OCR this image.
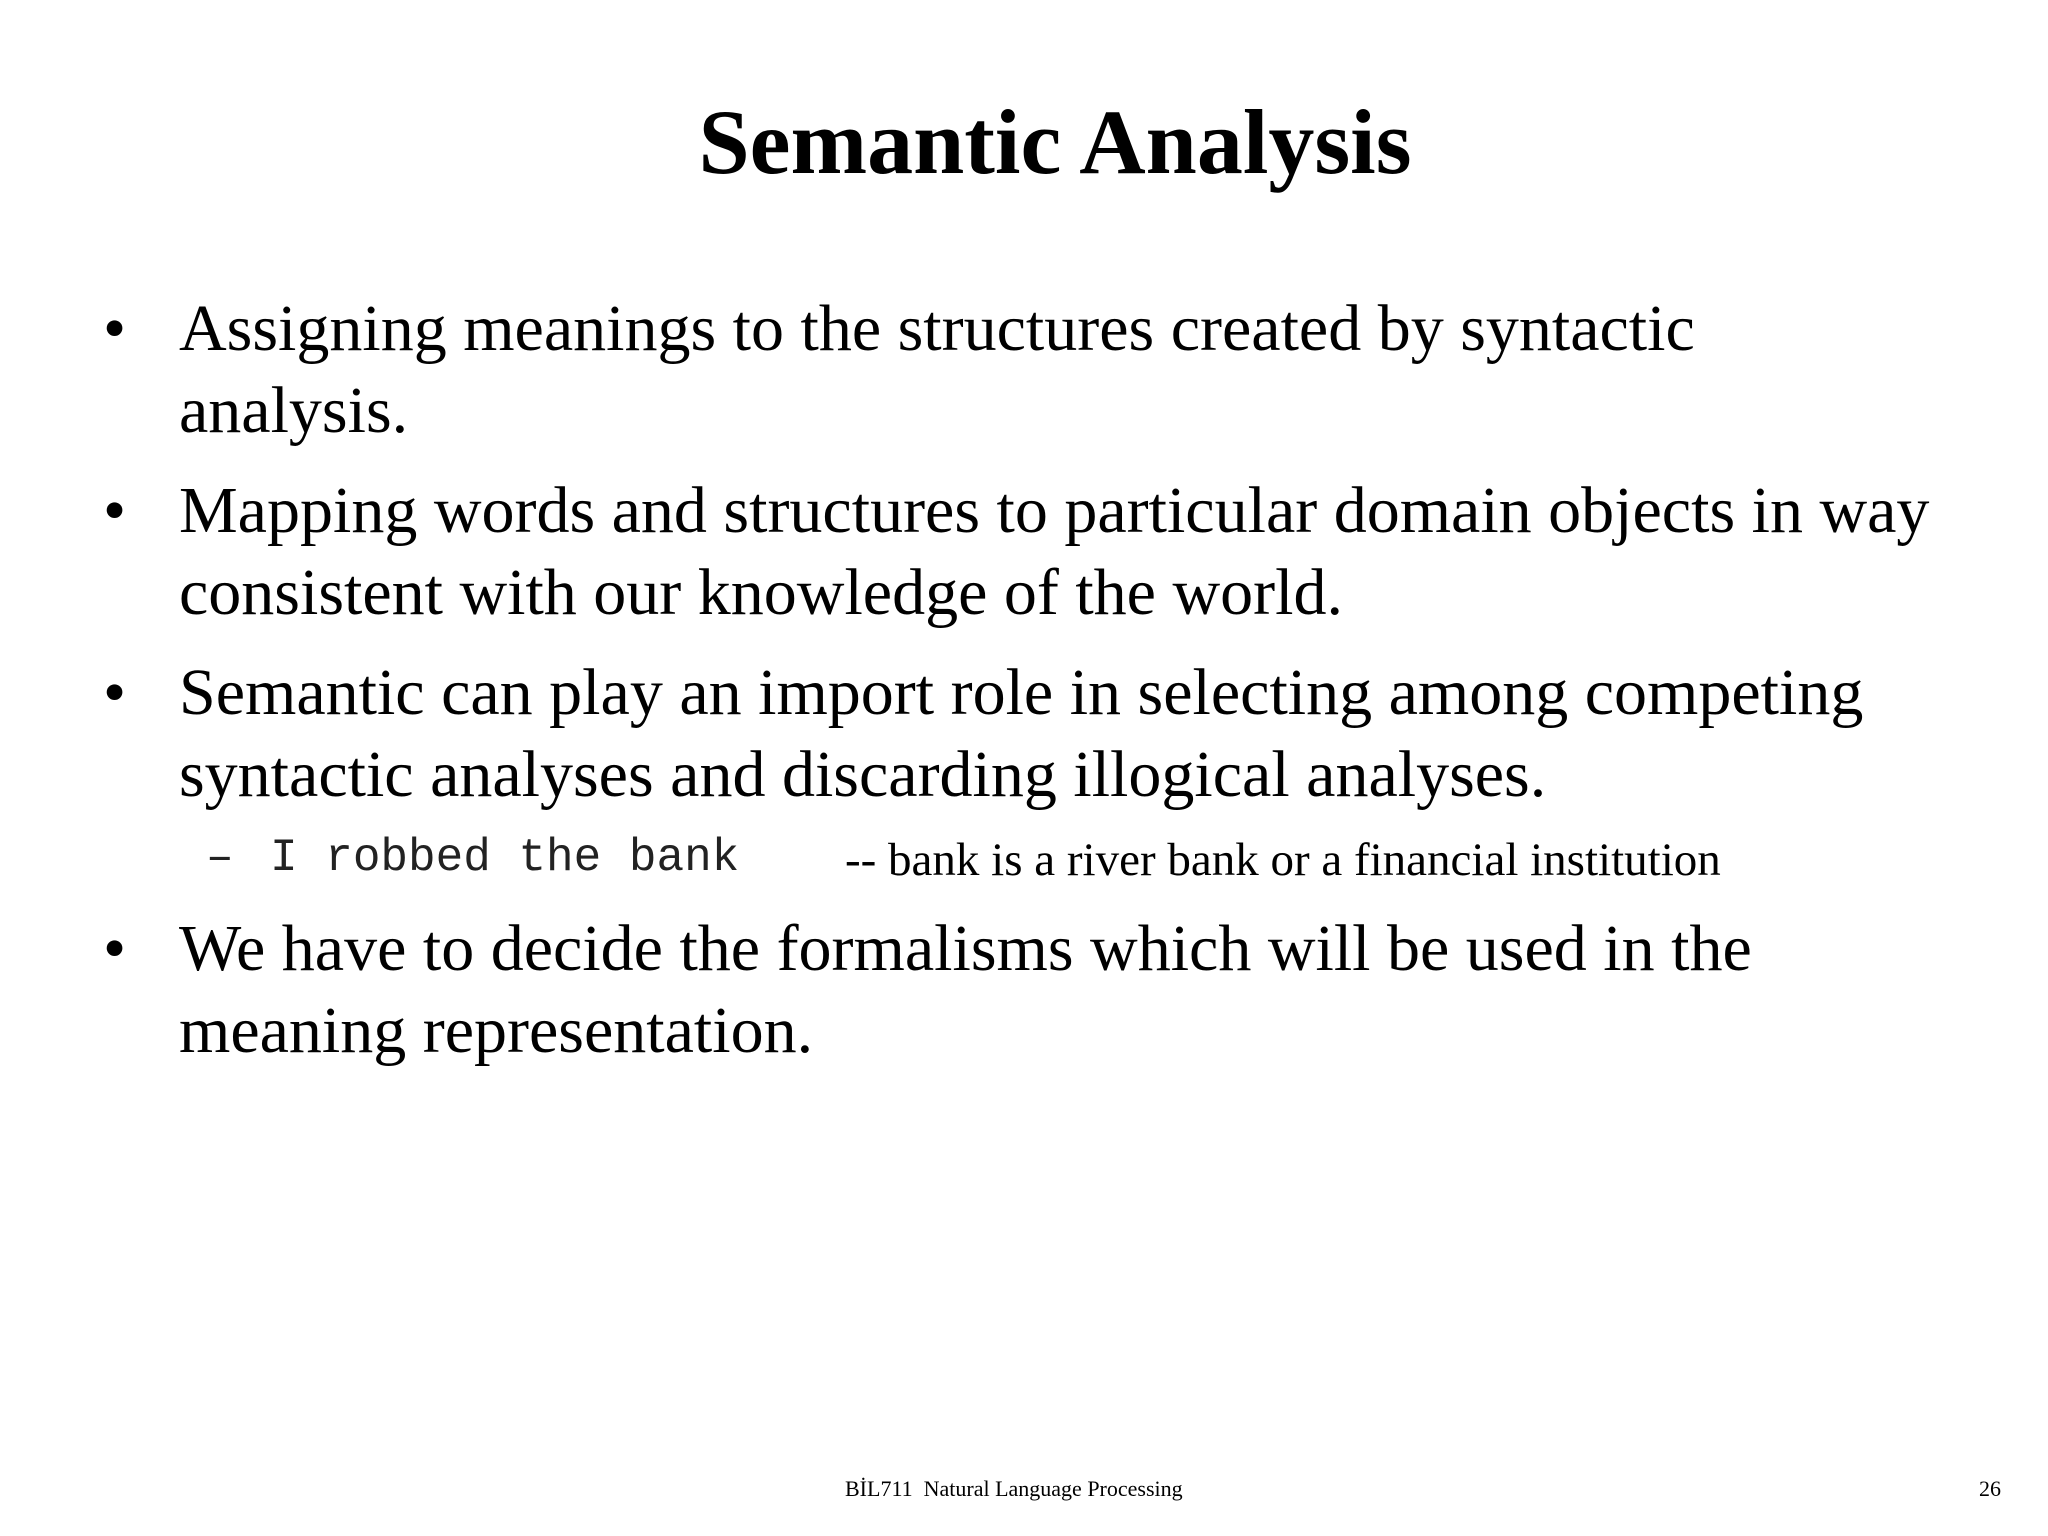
Semantic Analysis
• Assigning meanings to the structures created by syntactic
analysis.
• Mapping words and structures to particular domain objects in way
consistent with our knowledge of the world.
• Semantic can play an import role in selecting among competing
syntactic analyses and discarding illogical analyses.
– I robbed the bank -- bank is a river bank or a financial institution
• We have to decide the formalisms which will be used in the
meaning representation.
BİL711  Natural Language Processing	26
